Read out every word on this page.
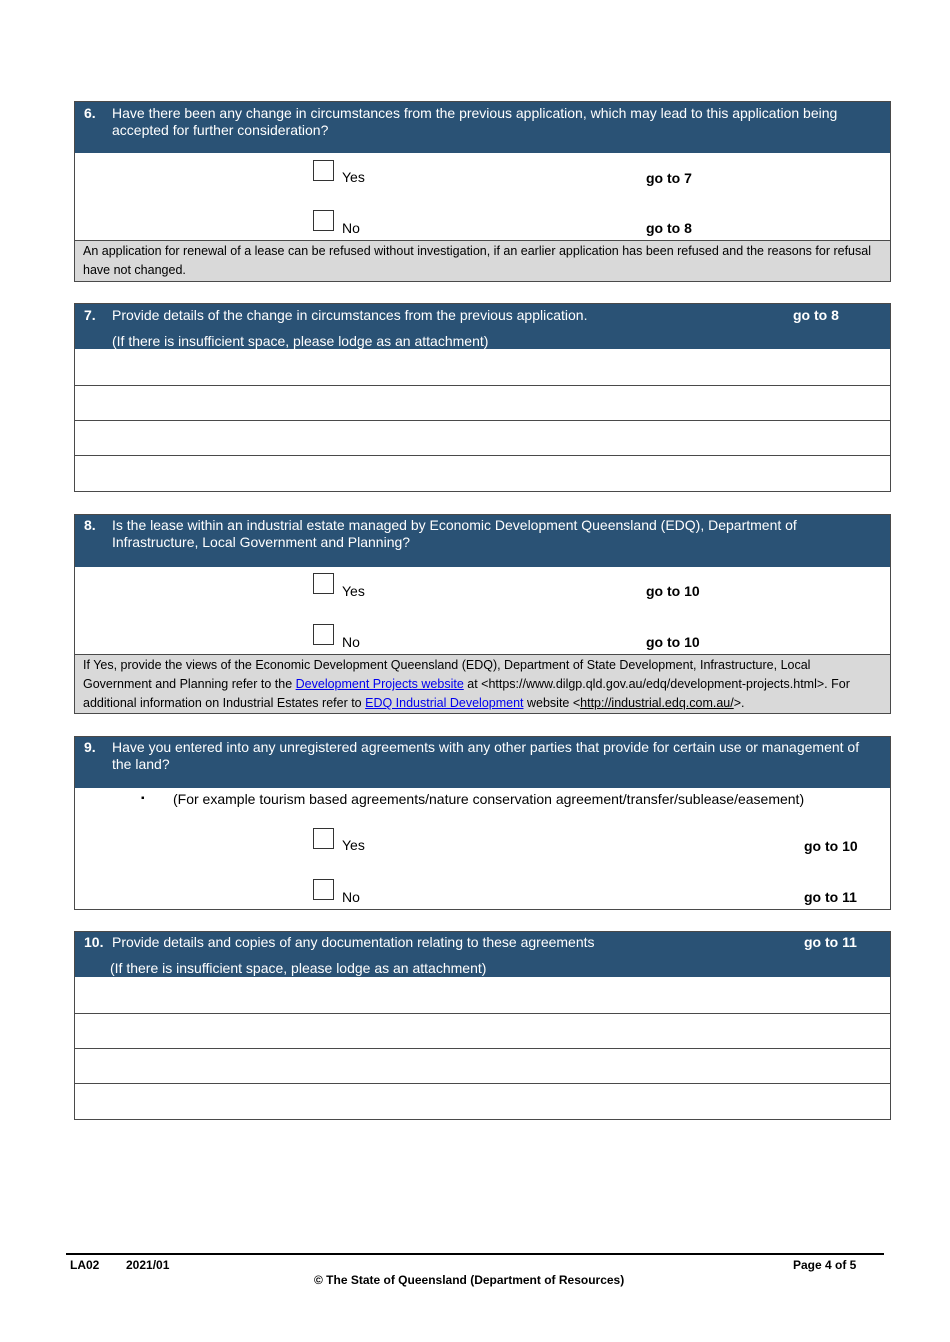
6. Have there been any change in circumstances from the previous application, which may lead to this application being accepted for further consideration?
Yes	go to 7
No	go to 8
An application for renewal of a lease can be refused without investigation, if an earlier application has been refused and the reasons for refusal have not changed.
7. Provide details of the change in circumstances from the previous application.	go to 8
(If there is insufficient space, please lodge as an attachment)
8. Is the lease within an industrial estate managed by Economic Development Queensland (EDQ), Department of Infrastructure, Local Government and Planning?
Yes	go to 10
No	go to 10
If Yes, provide the views of the Economic Development Queensland (EDQ), Department of State Development, Infrastructure, Local Government and Planning refer to the Development Projects website at <https://www.dilgp.qld.gov.au/edq/development-projects.html>. For additional information on Industrial Estates refer to EDQ Industrial Development website <http://industrial.edq.com.au/>.
9. Have you entered into any unregistered agreements with any other parties that provide for certain use or management of the land?
▪ (For example tourism based agreements/nature conservation agreement/transfer/sublease/easement)
Yes	go to 10
No	go to 11
10. Provide details and copies of any documentation relating to these agreements	go to 11
(If there is insufficient space, please lodge as an attachment)
LA02 2021/01	Page 4 of 5
© The State of Queensland (Department of Resources)
